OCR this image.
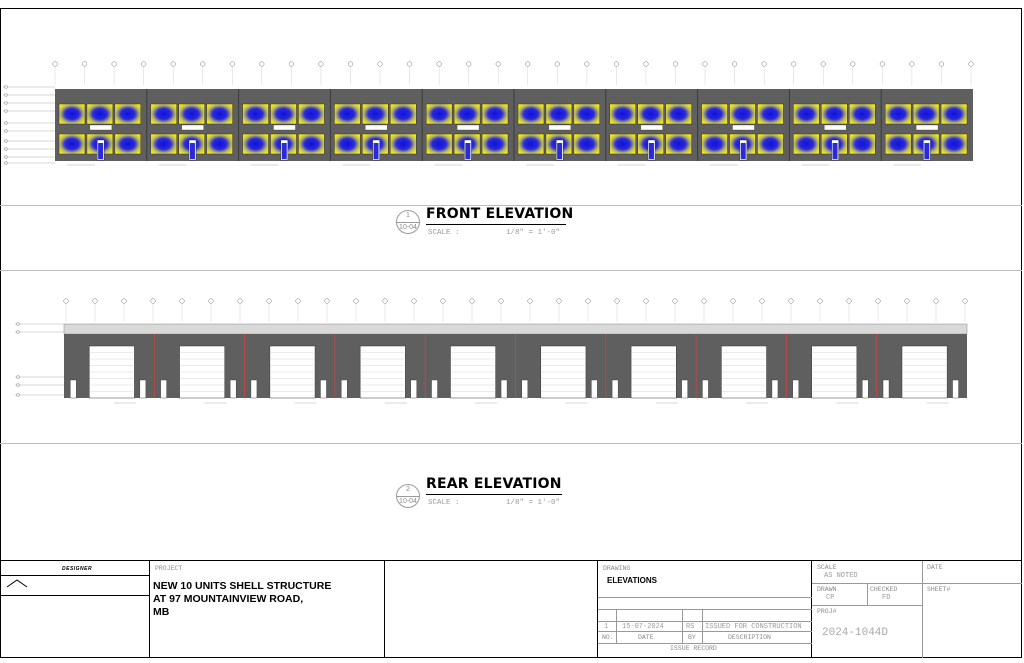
1
10-04
FRONT ELEVATION
SCALE :	1/8" = 1'-0"
2
10-04
REAR ELEVATION
SCALE :	1/8" = 1'-0"
DESIGNER	PROJECT
NEW 10 UNITS SHELL STRUCTURE
AT 97 MOUNTAINVIEW ROAD,
MB
DRAWING
ELEVATIONS
1 15-07-2024	RS ISSUED FOR CONSTRUCTION
NO.	DATE	BY	DESCRIPTION
ISSUE RECORD
SCALE
AS NOTED
DATE
DRAWN
CP
CHECKED
FD
SHEET#
PROJ#
2024-1044D
